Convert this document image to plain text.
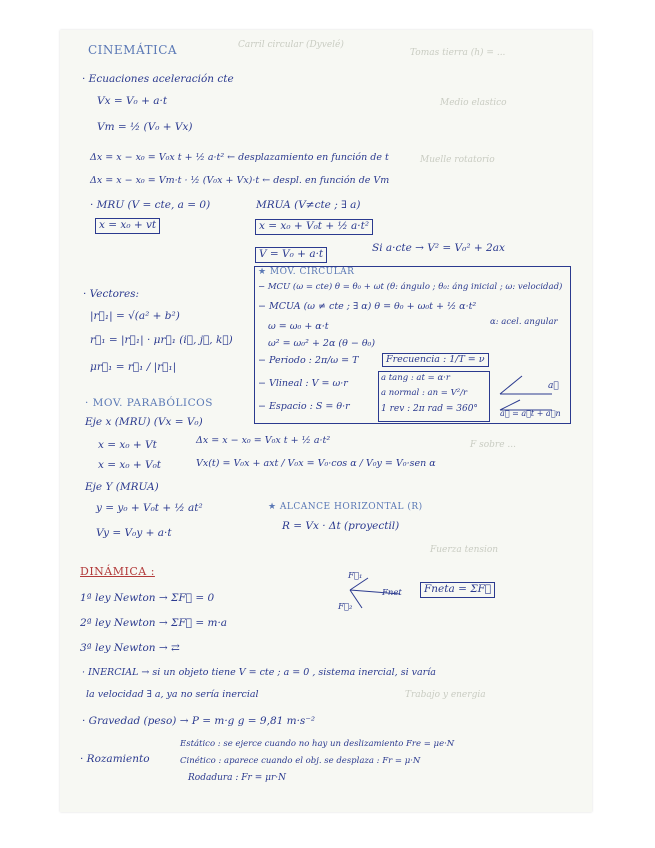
Carril circular (Dyvelé)
Tomas tierra (h) = ...
Medio elastico
Muelle rotatorio
F sobre ...
Fuerza tension
Trabajo y energia
CINEMÁTICA
· Ecuaciones aceleración cte
Vx = V₀ + a·t
Vm = ½ (V₀ + Vx)
Δx = x − x₀ = V₀x t + ½ a·t² ← desplazamiento en función de t
Δx = x − x₀ = Vm·t · ½ (V₀x + Vx)·t ← despl. en función de Vm
· MRU (V = cte, a = 0)
x = x₀ + vt
MRUA (V≠cte ; ∃ a)
x = x₀ + V₀t + ½ a·t²
V = V₀ + a·t	Si a·cte → V² = V₀² + 2ax
· Vectores:
|r⃗₁| = √(a² + b²)
r⃗₁ = |r⃗₁| · μr⃗₁ (i⃗, j⃗, k⃗)
μr⃗₁ = r⃗₁ / |r⃗₁|
★ MOV. CIRCULAR
− MCU (ω = cte) θ = θ₀ + ωt (θ: ángulo ; θ₀: áng inicial ; ω: velocidad)
− MCUA (ω ≠ cte ; ∃ α) θ = θ₀ + ω₀t + ½ α·t²
α: acel. angular
ω = ω₀ + α·t
ω² = ω₀² + 2α (θ − θ₀)
− Periodo : 2π/ω = T
− Vlineal : V = ω·r
− Espacio : S = θ·r
Frecuencia : 1/T = ν
a tang : at = α·r
a normal : an = V²/r
1 rev : 2π rad = 360°
a⃗
a⃗ = a⃗t + a⃗n
· MOV. PARABÓLICOS
Eje x (MRU) (Vx = V₀)
x = x₀ + Vt
x = x₀ + V₀t
Δx = x − x₀ = V₀x t + ½ a·t²
Vx(t) = V₀x + axt / V₀x = V₀·cos α / V₀y = V₀·sen α
Eje Y (MRUA)
y = y₀ + V₀t + ½ at²
Vy = V₀y + a·t
★ ALCANCE HORIZONTAL (R)
R = Vx · Δt (proyectil)
DINÁMICA :
1ª ley Newton → ΣF⃗ = 0
2ª ley Newton → ΣF⃗ = m·a
3ª ley Newton → ⇄
F⃗₁
Fnet
F⃗₂
Fneta = ΣF⃗
· INERCIAL → si un objeto tiene V = cte ; a = 0 , sistema inercial, si varía
la velocidad ∃ a, ya no sería inercial
· Gravedad (peso) → P = m·g g = 9,81 m·s⁻²
· Rozamiento
Estático : se ejerce cuando no hay un deslizamiento Fre = μe·N
Cinético : aparece cuando el obj. se desplaza : Fr = μ·N
Rodadura : Fr = μr·N
